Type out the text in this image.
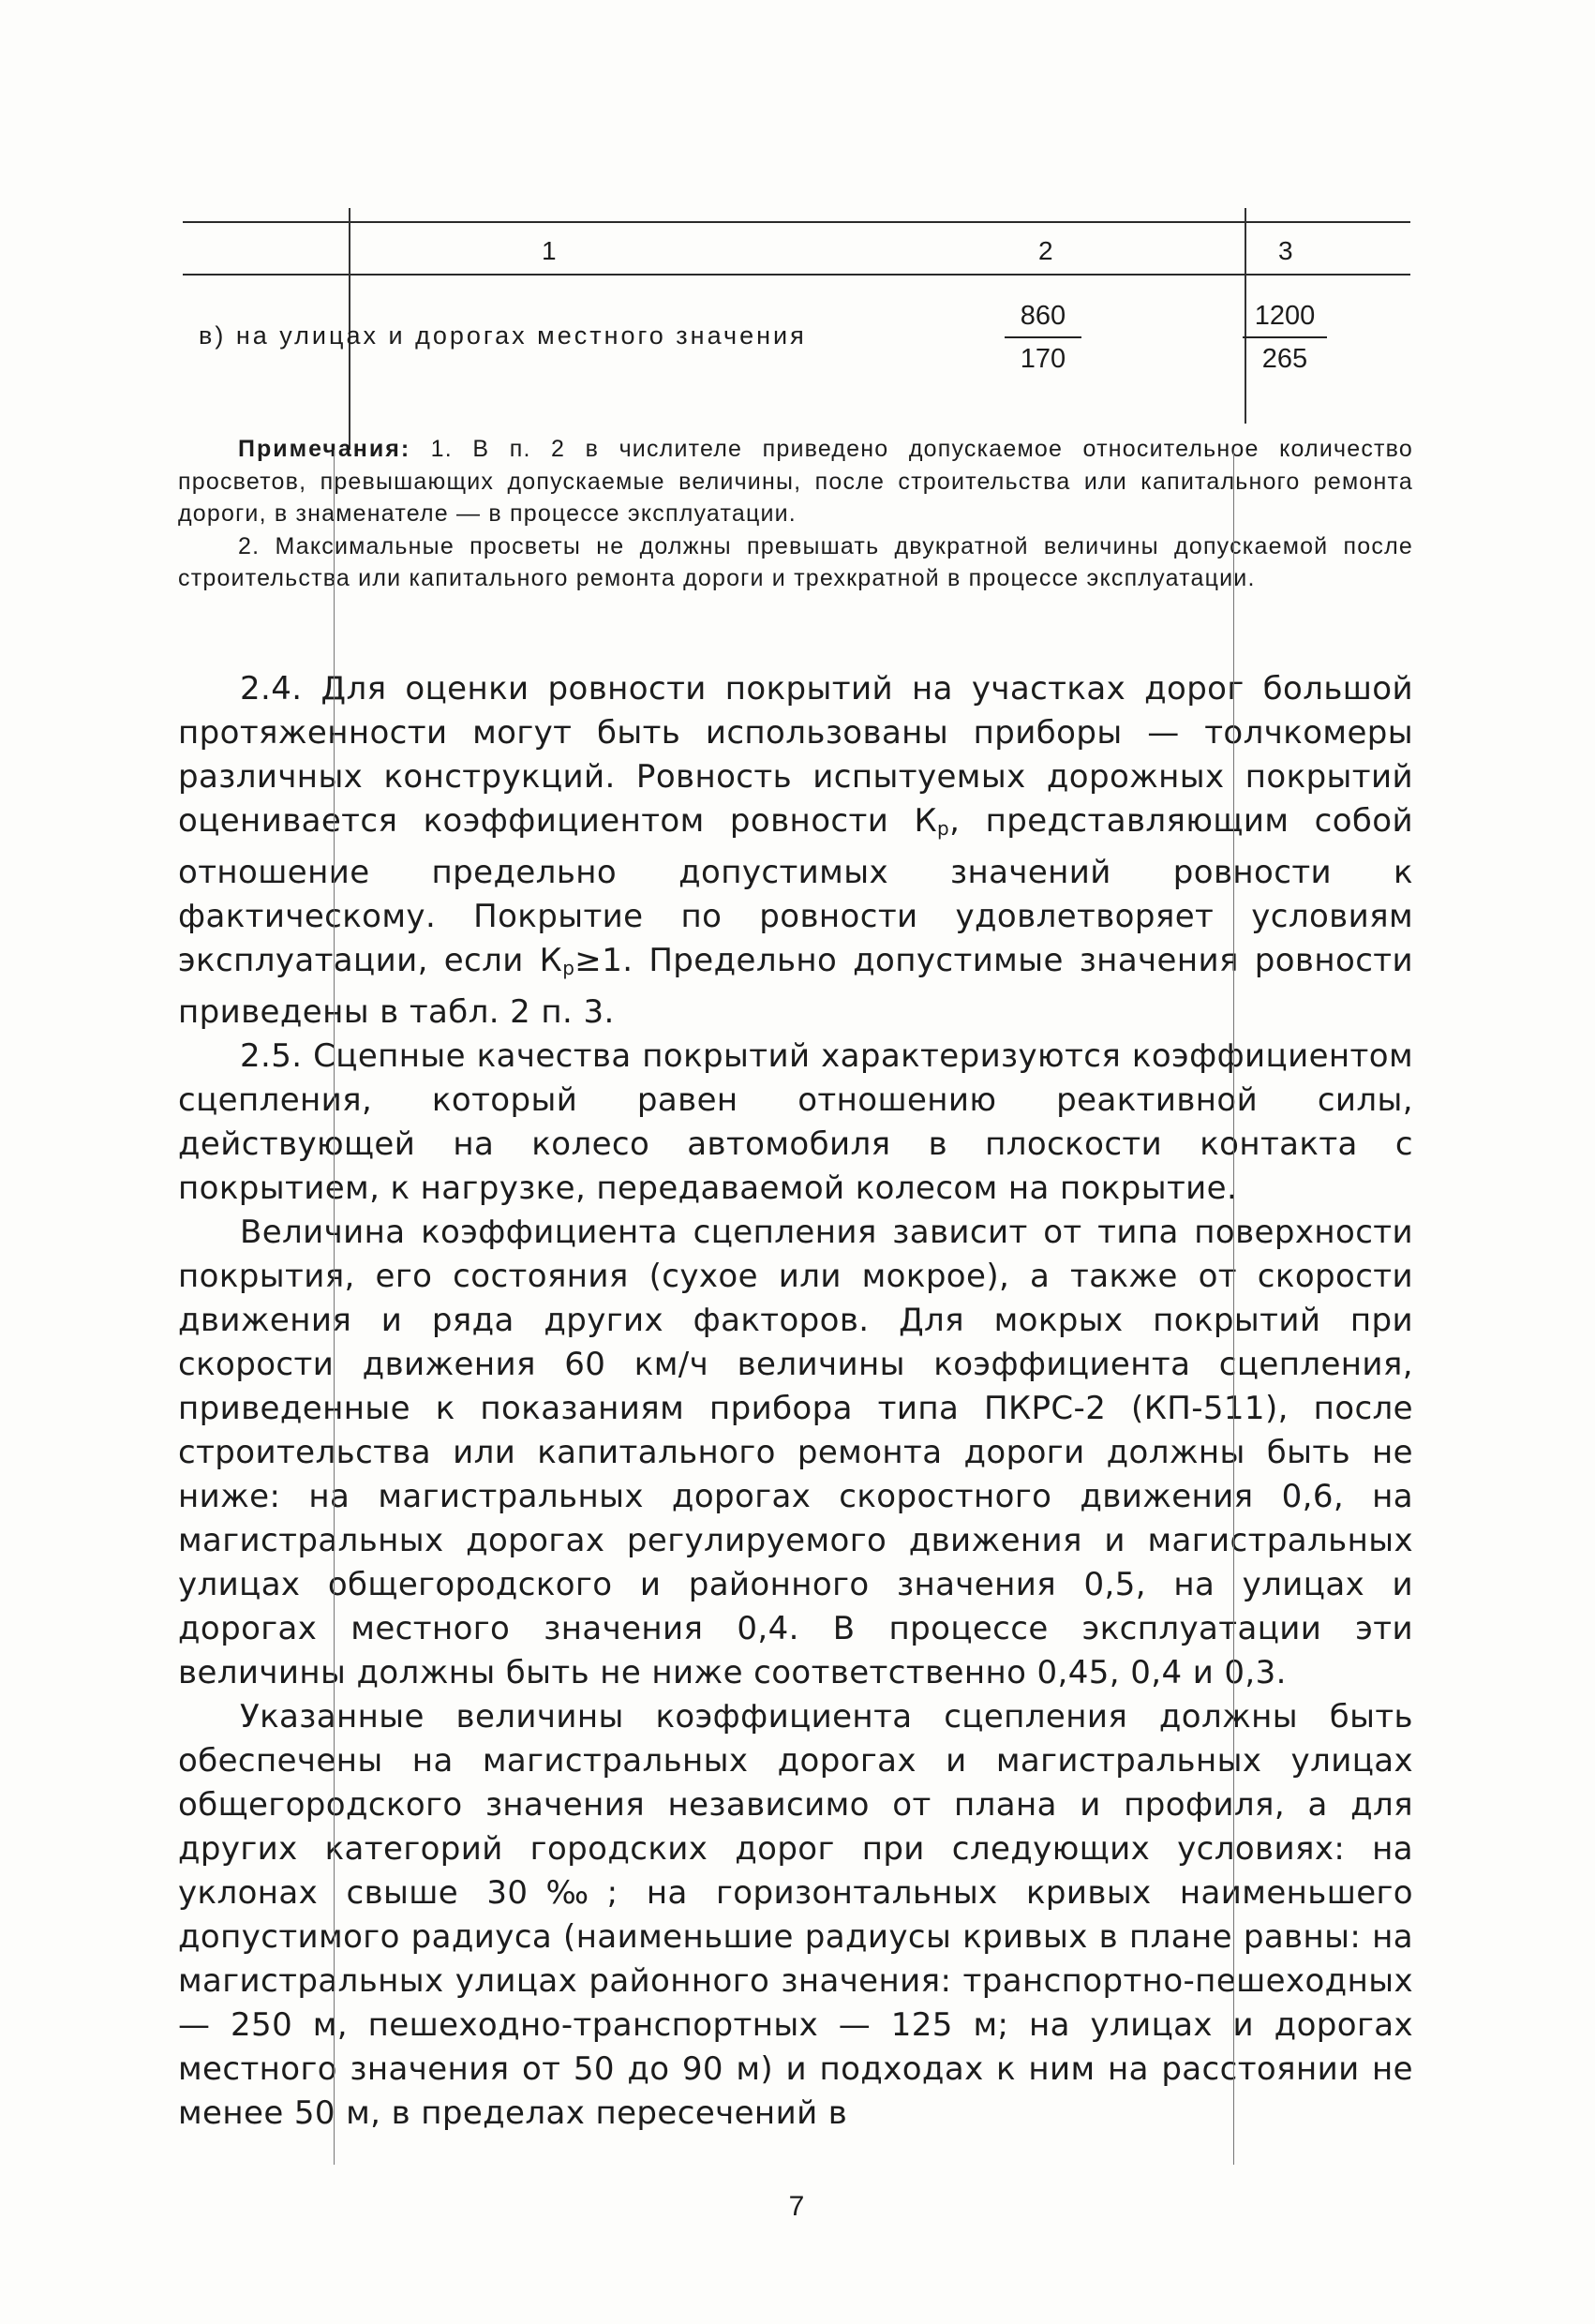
1	2	3
в) на улицах и дорогах местного значения
860
170
1200
265

Примечания: 1. В п. 2 в числителе приведено допускаемое относительное количество просветов, превышающих допускаемые величины, после строительства или капитального ремонта дороги, в знаменателе — в процессе эксплуатации.

2. Максимальные просветы не должны превышать двукратной величины допускаемой после строительства или капитального ремонта дороги и трехкратной в процессе эксплуатации.

2.4. Для оценки ровности покрытий на участках дорог большой протяженности могут быть использованы приборы — толчкомеры различных конструкций. Ровность испытуемых дорожных покрытий оценивается коэффициентом ровности $К_р$, представляющим собой отношение предельно допустимых значений ровности к фактическому. Покрытие по ровности удовлетворяет условиям эксплуатации, если $К_р\ge 1$. Предельно допустимые значения ровности приведены в табл. 2 п. 3.

2.5. Сцепные качества покрытий характеризуются коэффициентом сцепления, который равен отношению реактивной силы, действующей на колесо автомобиля в плоскости контакта с покрытием, к нагрузке, передаваемой колесом на покрытие.

Величина коэффициента сцепления зависит от типа поверхности покрытия, его состояния (сухое или мокрое), а также от скорости движения и ряда других факторов. Для мокрых покрытий при скорости движения 60 км/ч величины коэффициента сцепления, приведенные к показаниям прибора типа ПКРС-2 (КП-511), после строительства или капитального ремонта дороги должны быть не ниже: на магистральных дорогах скоростного движения 0,6, на магистральных дорогах регулируемого движения и магистральных улицах общегородского и районного значения 0,5, на улицах и дорогах местного значения 0,4. В процессе эксплуатации эти величины должны быть не ниже соответственно 0,45, 0,4 и 0,3.

Указанные величины коэффициента сцепления должны быть обеспечены на магистральных дорогах и магистральных улицах общегородского значения независимо от плана и профиля, а для других категорий городских дорог при следующих условиях: на уклонах свыше 30‰; на горизонтальных кривых наименьшего допустимого радиуса (наименьшие радиусы кривых в плане равны: на магистральных улицах районного значения: транспортно-пешеходных — 250 м, пешеходно-транспортных — 125 м; на улицах и дорогах местного значения от 50 до 90 м) и подходах к ним на расстоянии не менее 50 м, в пределах пересечений в

7
